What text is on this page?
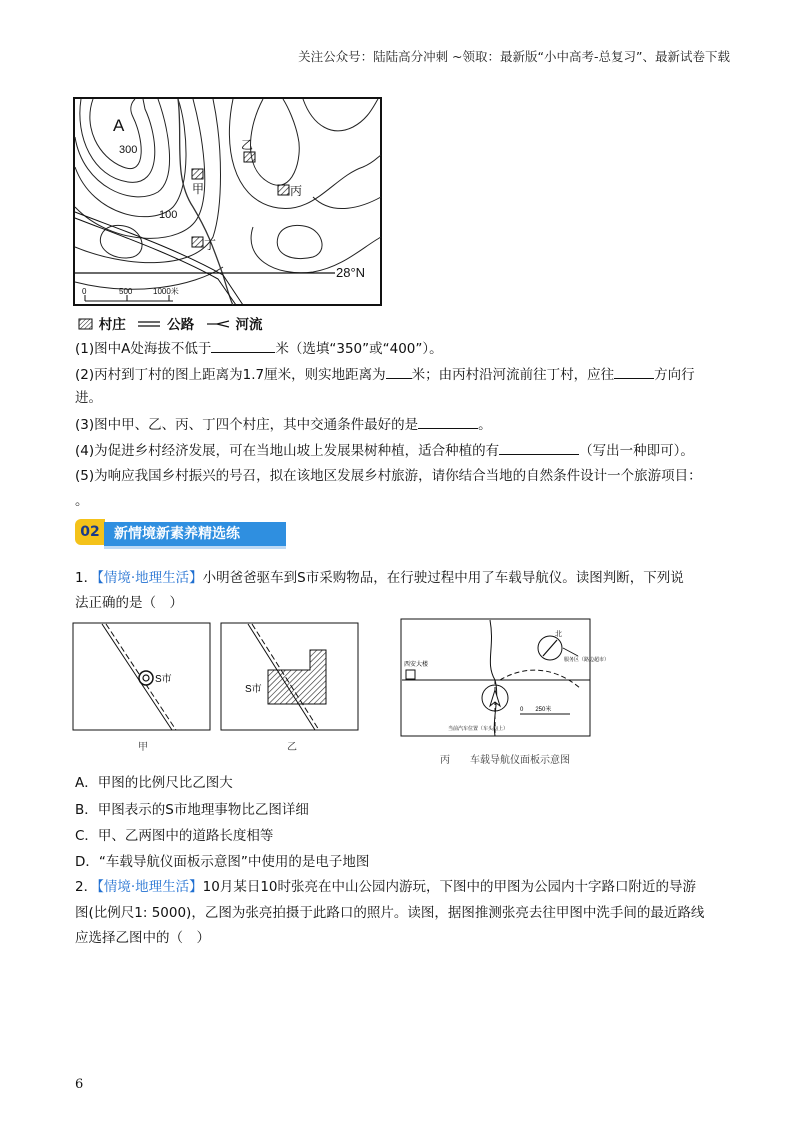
关注公众号：陆陆高分冲刺 ~领取：最新版“小中高考-总复习”、最新试卷下载
A
300	乙
甲	丙
100
丁
28°N
0	500	1000米
村庄	公路	河流
(1)图中A处海拔不低于	米（选填“350”或“400”）。
(2)丙村到丁村的图上距离为1.7厘米，则实地距离为 米；由丙村沿河流前往丁村，应往	方向行
进。
(3)图中甲、乙、丙、丁四个村庄，其中交通条件最好的是	。
(4)为促进乡村经济发展，可在当地山坡上发展果树种植，适合种植的有	（写出一种即可）。
(5)为响应我国乡村振兴的号召，拟在该地区发展乡村旅游，请你结合当地的自然条件设计一个旅游项目：
。
02	新情境新素养精选练
1．【情境·地理生活】小明爸爸驱车到S市采购物品，在行驶过程中用了车载导航仪。读图判断，下列说
法正确的是（　）
S市
甲
S市
乙
北
西安大楼
服务区（路边超市）
0　　250米
当前汽车位置（车头向上）
丙　　车载导航仪面板示意图
A．甲图的比例尺比乙图大
B．甲图表示的S市地理事物比乙图详细
C．甲、乙两图中的道路长度相等
D．“车载导航仪面板示意图”中使用的是电子地图
2．【情境·地理生活】10月某日10时张亮在中山公园内游玩，下图中的甲图为公园内十字路口附近的导游
图(比例尺1: 5000)，乙图为张亮拍摄于此路口的照片。读图，据图推测张亮去往甲图中洗手间的最近路线
应选择乙图中的（　）
6
